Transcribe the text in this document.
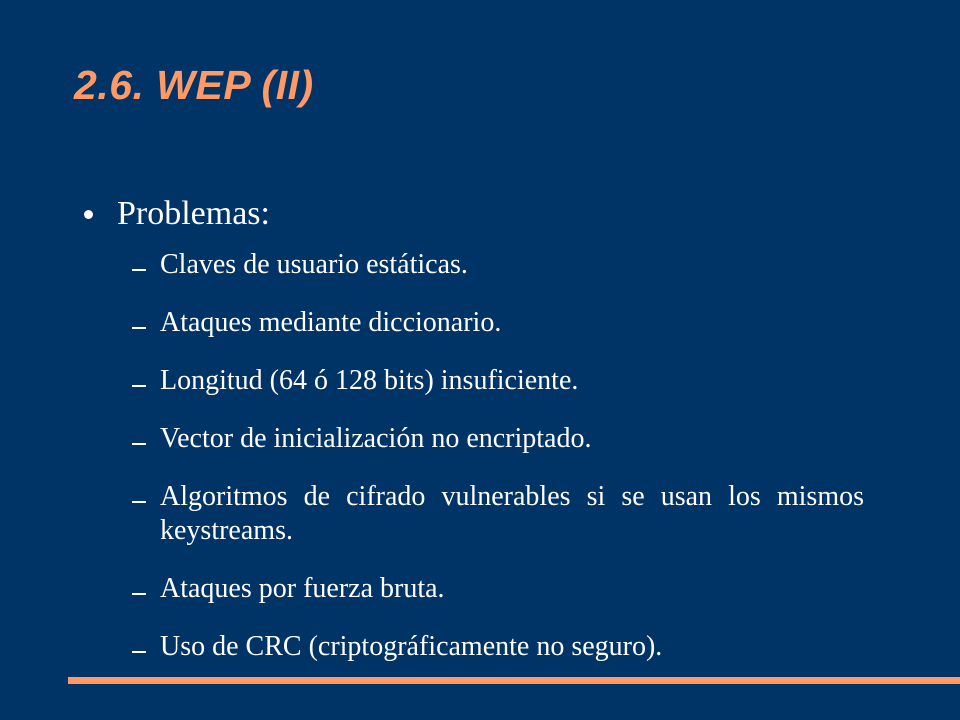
2.6. WEP (II)
Problemas:
Claves de usuario estáticas.
Ataques mediante diccionario.
Longitud (64 ó 128 bits) insuficiente.
Vector de inicialización no encriptado.
Algoritmos de cifrado vulnerables si se usan los mismos keystreams.
Ataques por fuerza bruta.
Uso de CRC (criptográficamente no seguro).
